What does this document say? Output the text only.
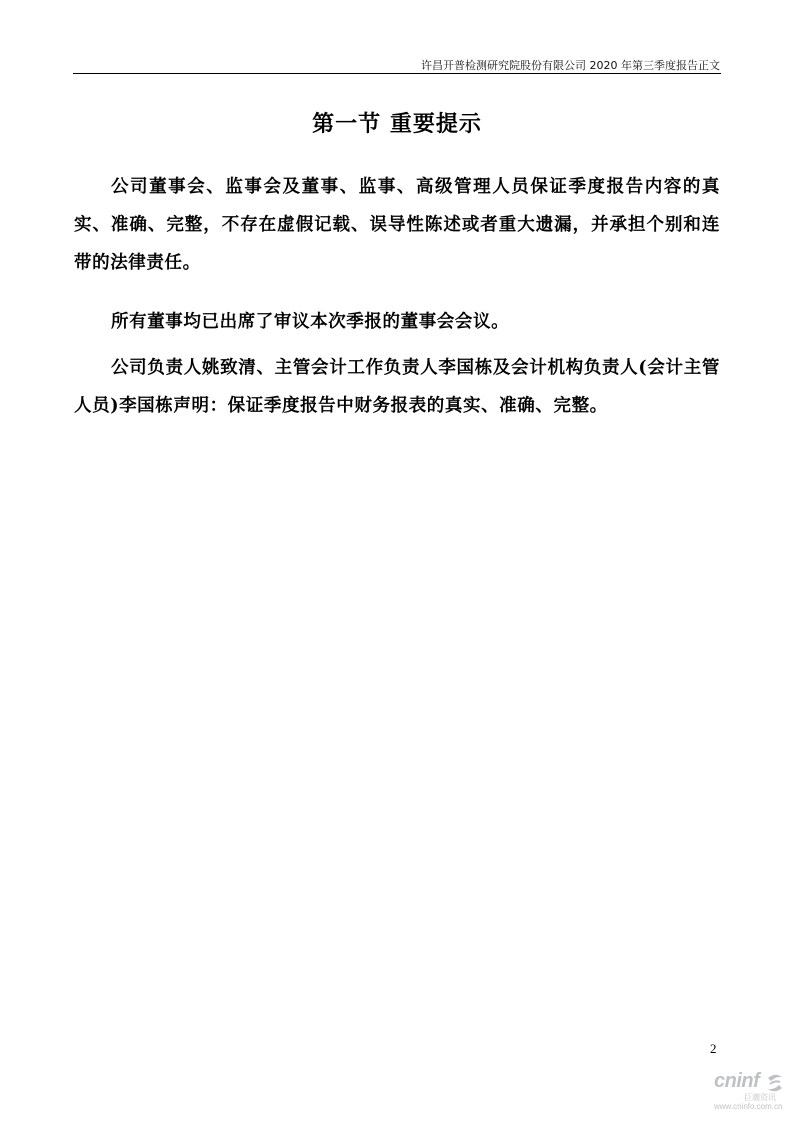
许昌开普检测研究院股份有限公司 2020 年第三季度报告正文
第一节 重要提示
公司董事会、监事会及董事、监事、高级管理人员保证季度报告内容的真实、准确、完整，不存在虚假记载、误导性陈述或者重大遗漏，并承担个别和连带的法律责任。
所有董事均已出席了审议本次季报的董事会会议。
公司负责人姚致清、主管会计工作负责人李国栋及会计机构负责人(会计主管人员)李国栋声明：保证季度报告中财务报表的真实、准确、完整。
2
cninf
巨潮资讯
www.cninfo.com.cn
